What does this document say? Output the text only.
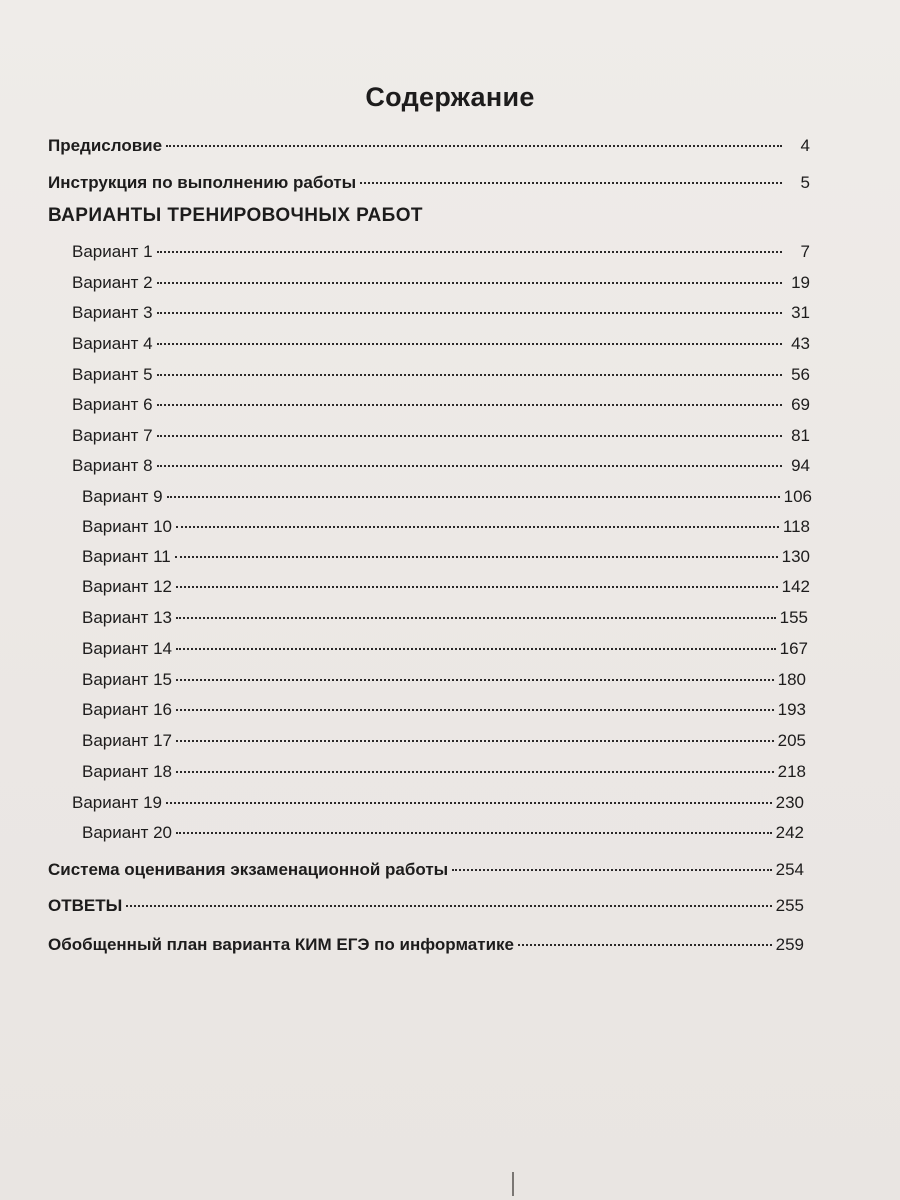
Содержание
Предисловие	4
Инструкция по выполнению работы	5
ВАРИАНТЫ ТРЕНИРОВОЧНЫХ РАБОТ
Вариант 1	7
Вариант 2	19
Вариант 3	31
Вариант 4	43
Вариант 5	56
Вариант 6	69
Вариант 7	81
Вариант 8	94
Вариант 9	106
Вариант 10	118
Вариант 11	130
Вариант 12	142
Вариант 13	155
Вариант 14	167
Вариант 15	180
Вариант 16	193
Вариант 17	205
Вариант 18	218
Вариант 19	230
Вариант 20	242
Система оценивания экзаменационной работы	254
ОТВЕТЫ	255
Обобщенный план варианта КИМ ЕГЭ по информатике	259
